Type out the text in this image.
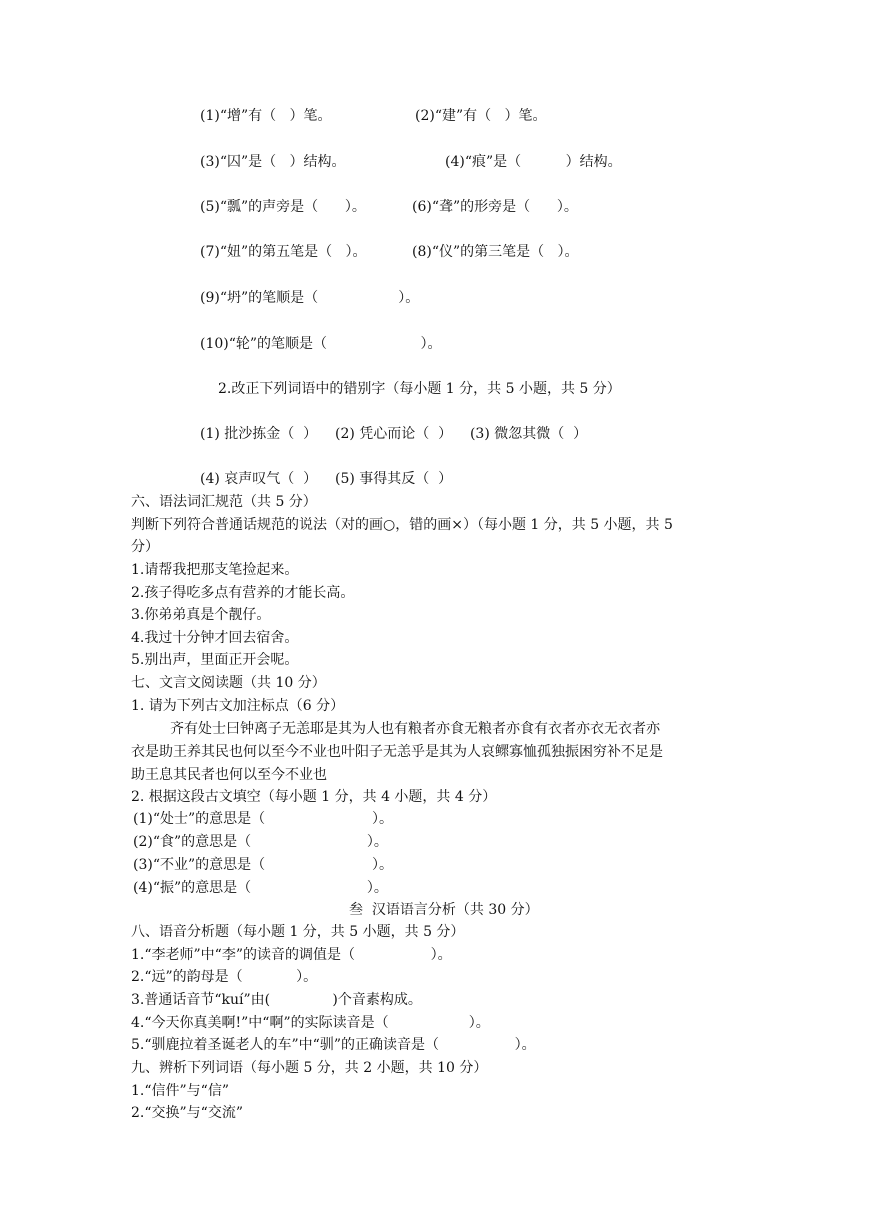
(1)“增”有（   ）笔。	(2)“建”有（   ）笔。

(3)“囚”是（   ）结构。	(4)“痕”是（          ）结构。

(5)“瓢”的声旁是（      ）。	(6)“聋”的形旁是（      ）。

(7)“妞”的第五笔是（   ）。	(8)“仪”的第三笔是（   ）。

(9)“坍”的笔顺是（                  ）。

(10)“轮”的笔顺是（                     ）。

2.改正下列词语中的错别字（每小题 1 分，共 5 小题，共 5 分）

(1) 批沙拣金（  ）    (2) 凭心而论（  ）    (3) 微忽其微（  ）

(4) 哀声叹气（  ）    (5) 事得其反（  ）

六、语法词汇规范（共 5 分）

判断下列符合普通话规范的说法（对的画○，错的画×）（每小题 1 分，共 5 小题，共 5

分）

1.请帮我把那支笔捡起来。

2.孩子得吃多点有营养的才能长高。

3.你弟弟真是个靓仔。

4.我过十分钟才回去宿舍。

5.别出声，里面正开会呢。

七、文言文阅读题（共 10 分）

1. 请为下列古文加注标点（6 分）

齐有处士曰钟离子无恙耶是其为人也有粮者亦食无粮者亦食有衣者亦衣无衣者亦

衣是助王养其民也何以至今不业也叶阳子无恙乎是其为人哀鳏寡恤孤独振困穷补不足是

助王息其民者也何以至今不业也

2. 根据这段古文填空（每小题 1 分，共 4 小题，共 4 分）

(1)“处士”的意思是（                        ）。

(2)“食”的意思是（                          ）。

(3)“不业”的意思是（                        ）。

(4)“振”的意思是（                          ）。

叁  汉语语言分析（共 30 分）

八、语音分析题（每小题 1 分，共 5 小题，共 5 分）

1.“李老师”中“李”的读音的调值是（                 ）。

2.“远”的韵母是（            ）。

3.普通话音节“kuí”由(              )个音素构成。

4.“今天你真美啊!”中“啊”的实际读音是（                  ）。

5.“驯鹿拉着圣诞老人的车”中“驯”的正确读音是（                 ）。

九、辨析下列词语（每小题 5 分，共 2 小题，共 10 分）

1.“信件”与“信”

2.“交换”与“交流”
